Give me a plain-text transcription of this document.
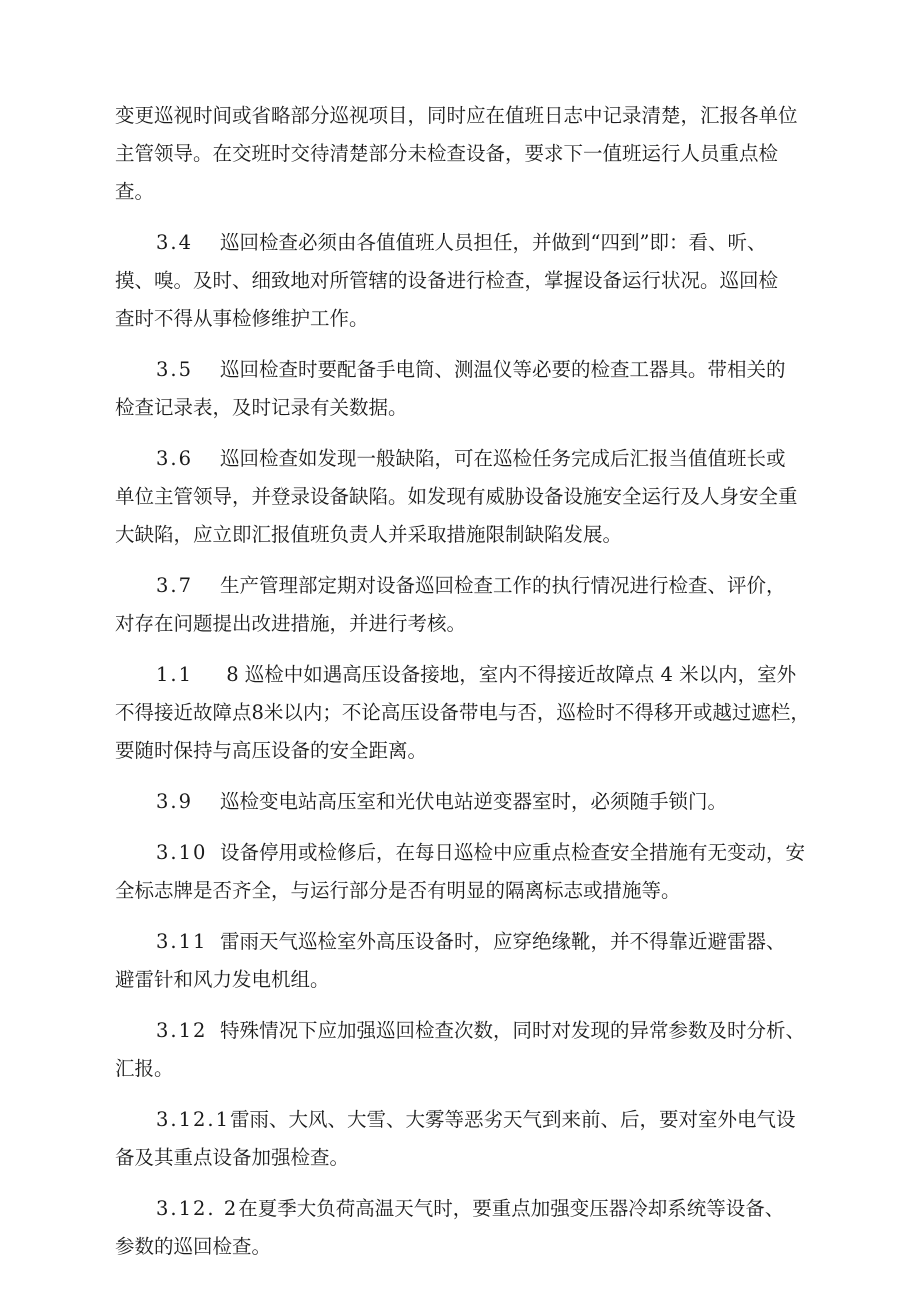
变更巡视时间或省略部分巡视项目，同时应在值班日志中记录清楚，汇报各单位
主管领导。在交班时交待清楚部分未检查设备，要求下一值班运行人员重点检
查。
3.4 巡回检查必须由各值值班人员担任，并做到“四到”即：看、听、
摸、嗅。及时、细致地对所管辖的设备进行检查，掌握设备运行状况。巡回检
查时不得从事检修维护工作。
3.5 巡回检查时要配备手电筒、测温仪等必要的检查工器具。带相关的
检查记录表，及时记录有关数据。
3.6 巡回检查如发现一般缺陷，可在巡检任务完成后汇报当值值班长或
单位主管领导，并登录设备缺陷。如发现有威胁设备设施安全运行及人身安全重
大缺陷，应立即汇报值班负责人并采取措施限制缺陷发展。
3.7 生产管理部定期对设备巡回检查工作的执行情况进行检查、评价，
对存在问题提出改进措施，并进行考核。
1.1 8 巡检中如遇高压设备接地，室内不得接近故障点 4 米以内，室外
不得接近故障点8米以内；不论高压设备带电与否，巡检时不得移开或越过遮栏，
要随时保持与高压设备的安全距离。
3.9 巡检变电站高压室和光伏电站逆变器室时，必须随手锁门。
3.10 设备停用或检修后，在每日巡检中应重点检查安全措施有无变动，安
全标志牌是否齐全，与运行部分是否有明显的隔离标志或措施等。
3.11 雷雨天气巡检室外高压设备时，应穿绝缘靴，并不得靠近避雷器、
避雷针和风力发电机组。
3.12 特殊情况下应加强巡回检查次数，同时对发现的异常参数及时分析、
汇报。
3.12.1雷雨、大风、大雪、大雾等恶劣天气到来前、后，要对室外电气设
备及其重点设备加强检查。
3.12. 2在夏季大负荷高温天气时，要重点加强变压器冷却系统等设备、
参数的巡回检查。
